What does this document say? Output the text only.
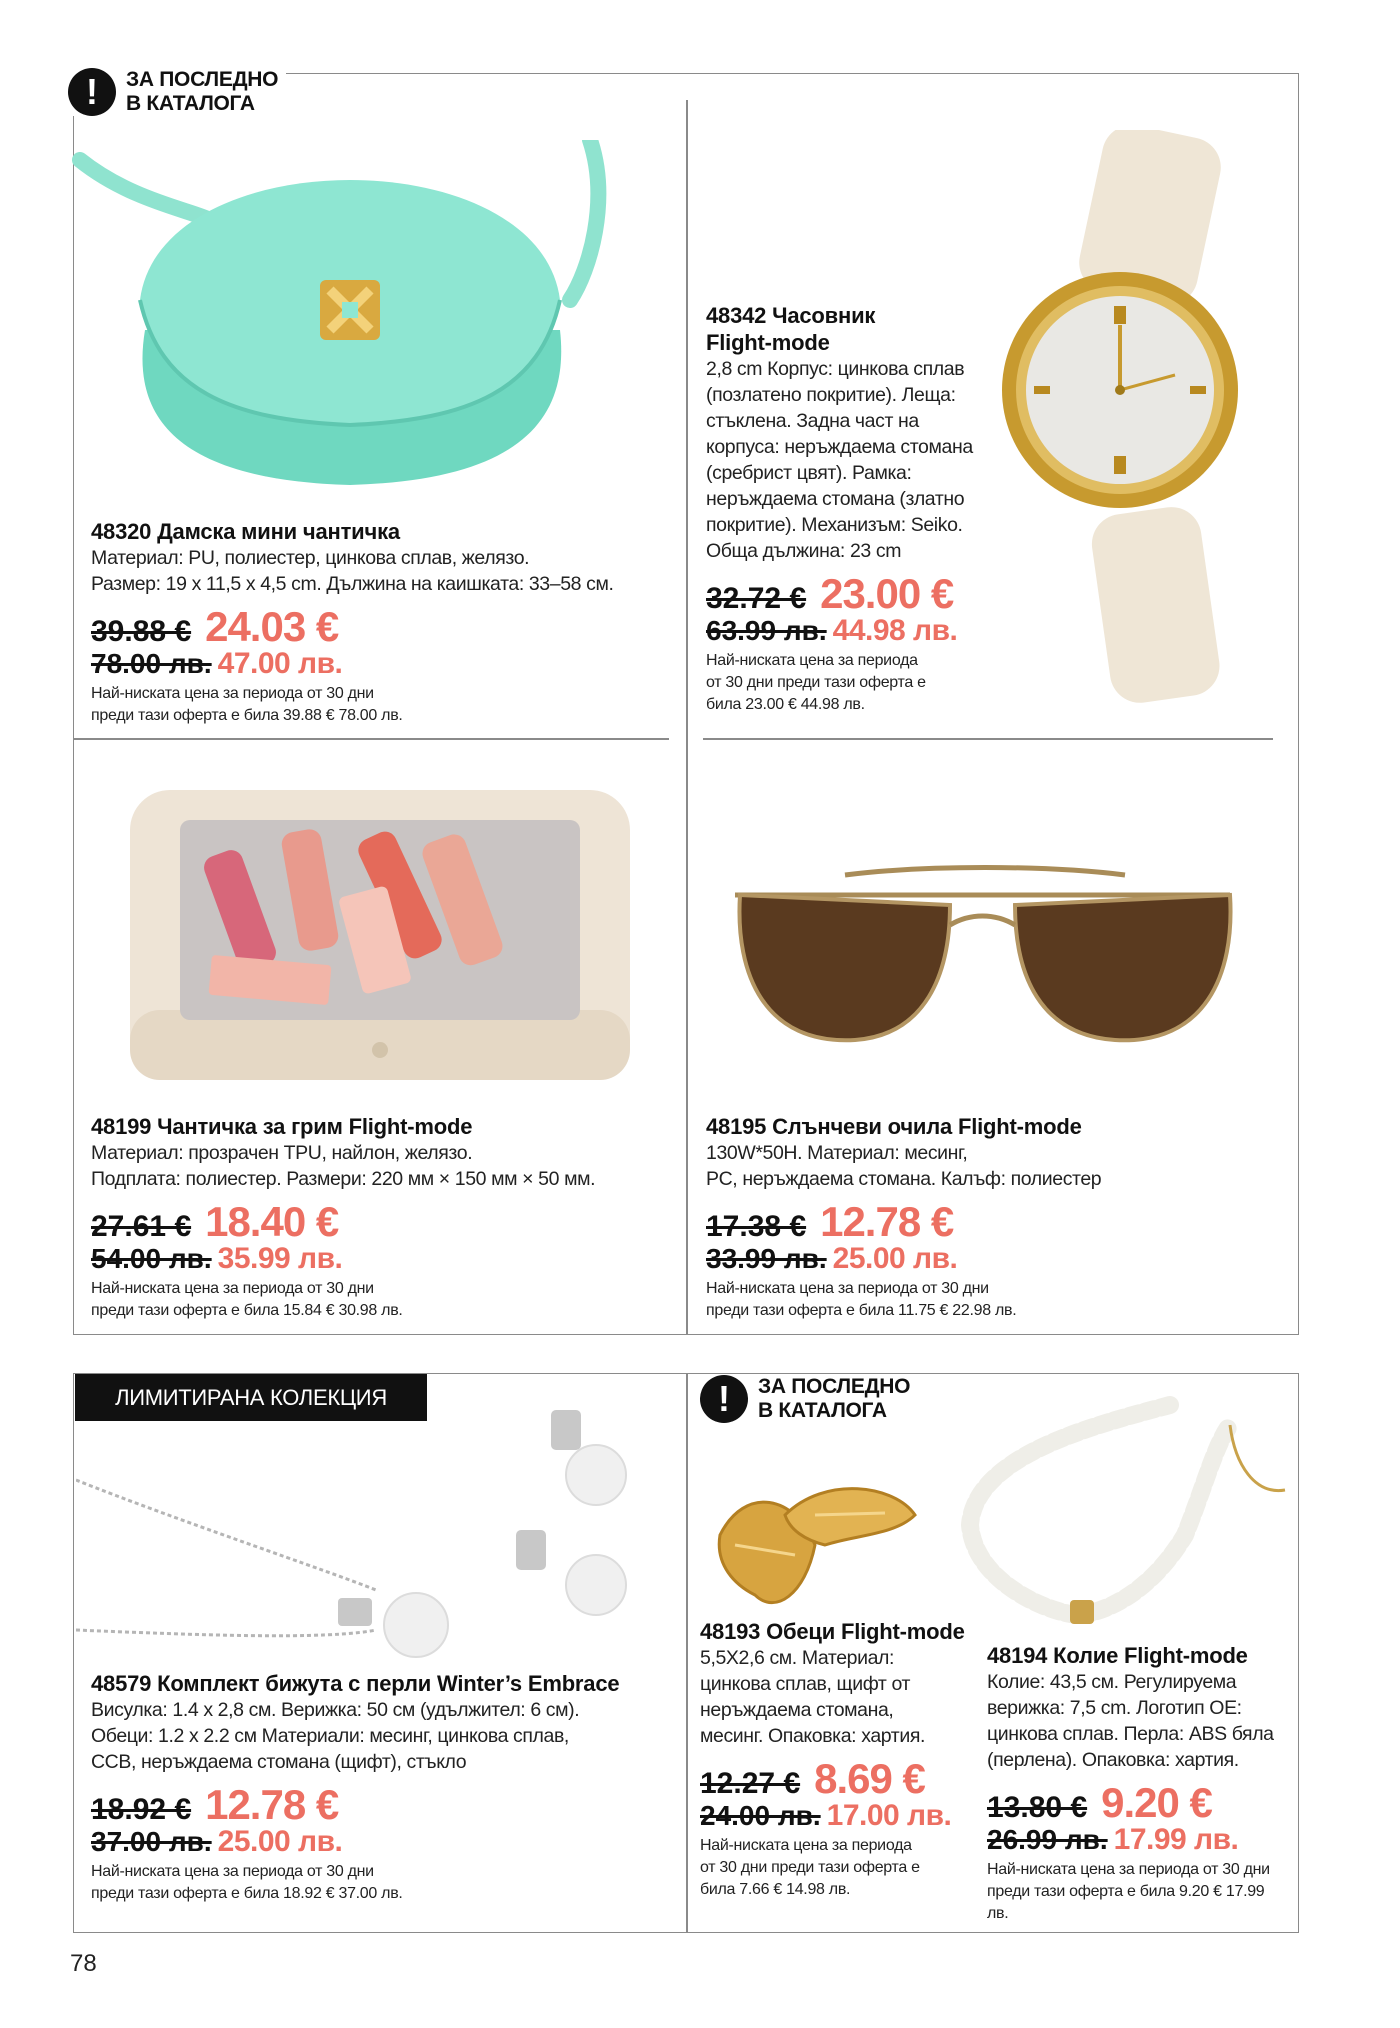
!	ЗА ПОСЛЕДНО
В КАТАЛОГА
48320 Дамска мини чантичка
Материал: PU, полиестер, цинкова сплав, желязо.
Размер: 19 x 11,5 x 4,5 cm. Дължина на каишката: 33–58 см.
39.88 € 24.03 €
78.00 лв. 47.00 лв.
Най-ниската цена за периода от 30 дни
преди тази оферта е била 39.88 € 78.00 лв.
48342 Часовник
Flight-mode
2,8 cm Корпус: цинкова сплав
(позлатено покритие). Леща:
стъклена. Задна част на
корпуса: неръждаема стомана
(сребрист цвят). Рамка:
неръждаема стомана (златно
покритие). Механизъм: Seiko.
Обща дължина: 23 cm
32.72 € 23.00 €
63.99 лв. 44.98 лв.
Най-ниската цена за периода
от 30 дни преди тази оферта е
била 23.00 € 44.98 лв.
48199 Чантичка за грим Flight-mode
Материал: прозрачен TPU, найлон, желязо.
Подплата: полиестер. Размери: 220 мм × 150 мм × 50 мм.
27.61 € 18.40 €
54.00 лв. 35.99 лв.
Най-ниската цена за периода от 30 дни
преди тази оферта е била 15.84 € 30.98 лв.
48195 Слънчеви очила Flight-mode
130W*50H. Материал: месинг,
PC, неръждаема стомана. Калъф: полиестер
17.38 € 12.78 €
33.99 лв. 25.00 лв.
Най-ниската цена за периода от 30 дни
преди тази оферта е била 11.75 € 22.98 лв.
ЛИМИТИРАНА КОЛЕКЦИЯ
48579 Комплект бижута с перли Winter’s Embrace
Висулка: 1.4 x 2,8 см. Верижка: 50 см (удължител: 6 см).
Обеци: 1.2 x 2.2 см Материали: месинг, цинкова сплав,
CCB, неръждаема стомана (щифт), стъкло
18.92 € 12.78 €
37.00 лв. 25.00 лв.
Най-ниската цена за периода от 30 дни
преди тази оферта е била 18.92 € 37.00 лв.
!	ЗА ПОСЛЕДНО
В КАТАЛОГА
48193 Обеци Flight-mode
5,5X2,6 см. Материал:
цинкова сплав, щифт от
неръждаема стомана,
месинг. Опаковка: хартия.
12.27 € 8.69 €
24.00 лв. 17.00 лв.
Най-ниската цена за периода
от 30 дни преди тази оферта е
била 7.66 € 14.98 лв.
48194 Колие Flight-mode
Колие: 43,5 см. Регулируема
верижка: 7,5 cm. Логотип OE:
цинкова сплав. Перла: ABS бяла
(перлена). Опаковка: хартия.
13.80 € 9.20 €
26.99 лв. 17.99 лв.
Най-ниската цена за периода от 30 дни
преди тази оферта е била 9.20 € 17.99 лв.
78
